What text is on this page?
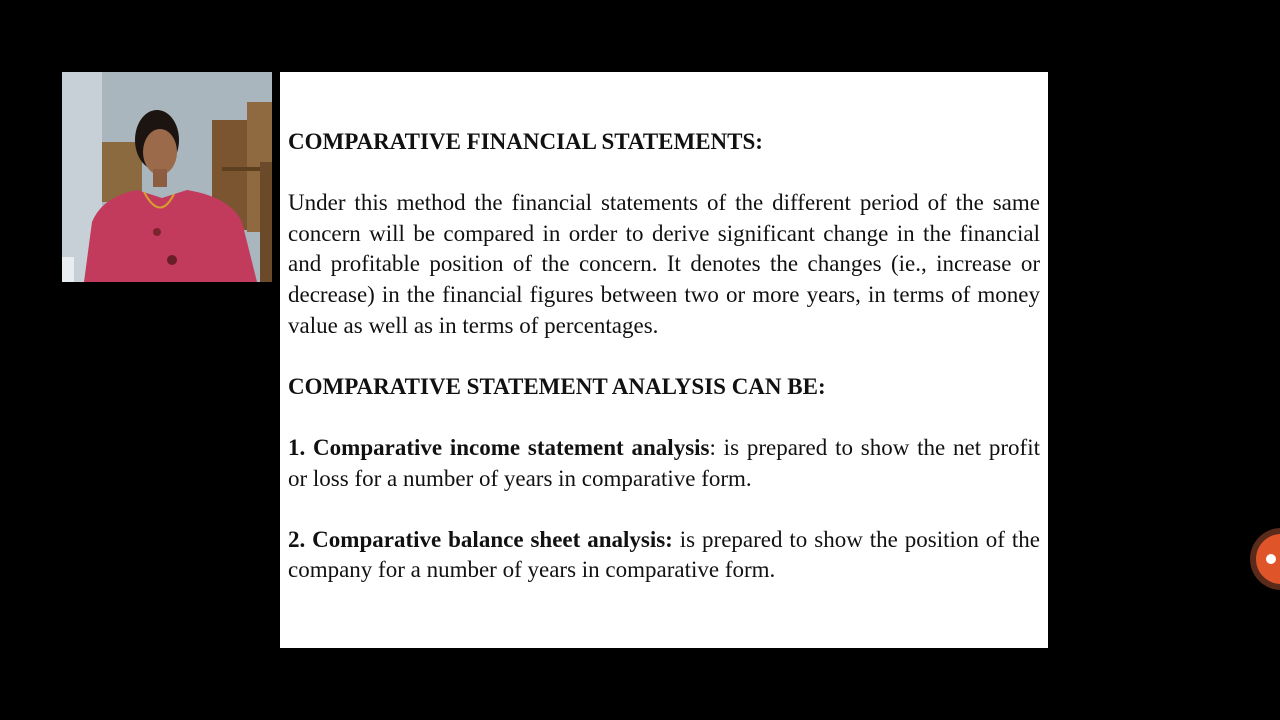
COMPARATIVE FINANCIAL STATEMENTS:

Under this method the financial statements of the different period of the same concern will be compared in order to derive significant change in the financial and profitable position of the concern. It denotes the changes (ie., increase or decrease) in the financial figures between two or more years, in terms of money value as well as in terms of percentages.

COMPARATIVE STATEMENT ANALYSIS CAN BE:

1. Comparative income statement analysis: is prepared to show the net profit or loss for a number of years in comparative form.

2. Comparative balance sheet analysis: is prepared to show the position of the company for a number of years in comparative form.
